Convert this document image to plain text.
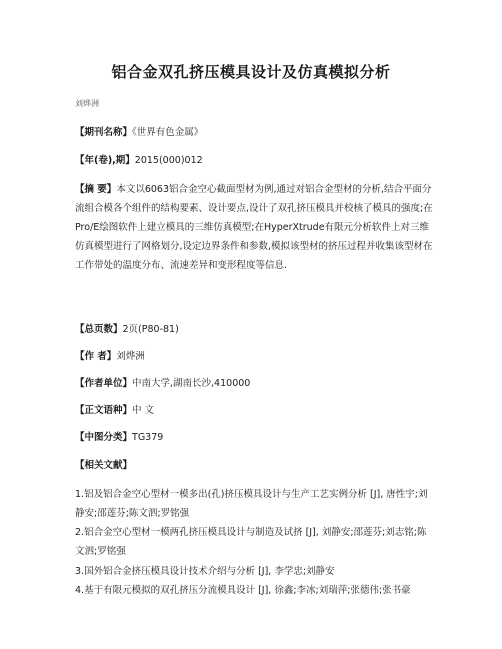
铝合金双孔挤压模具设计及仿真模拟分析
刘烨洲
【期刊名称】《世界有色金属》
【年(卷),期】2015(000)012
【摘 要】本文以6063铝合金空心截面型材为例,通过对铝合金型材的分析,结合平面分流组合模各个组件的结构要素、设计要点,设计了双孔挤压模具并校核了模具的强度;在Pro/E绘图软件上建立模具的三维仿真模型;在HyperXtrude有限元分析软件上对三维仿真模型进行了网格划分,设定边界条件和参数,模拟该型材的挤压过程并收集该型材在工作带处的温度分布、流速差异和变形程度等信息.
【总页数】2页(P80-81)
【作 者】刘烨洲
【作者单位】中南大学,湖南长沙,410000
【正文语种】中 文
【中图分类】TG379
【相关文献】
1.铝及铝合金空心型材一模多出(孔)挤压模具设计与生产工艺实例分析 [J], 唐性宇;刘静安;邵莲芬;陈文泗;罗铭强
2.铝合金空心型材一模两孔挤压模具设计与制造及试挤 [J], 刘静安;邵莲芬;刘志铭;陈文泗;罗铭强
3.国外铝合金挤压模具设计技术介绍与分析 [J], 李学忠;刘静安
4.基于有限元模拟的双孔挤压分流模具设计 [J], 徐鑫;李冰;刘瑞萍;张德伟;张书豪
